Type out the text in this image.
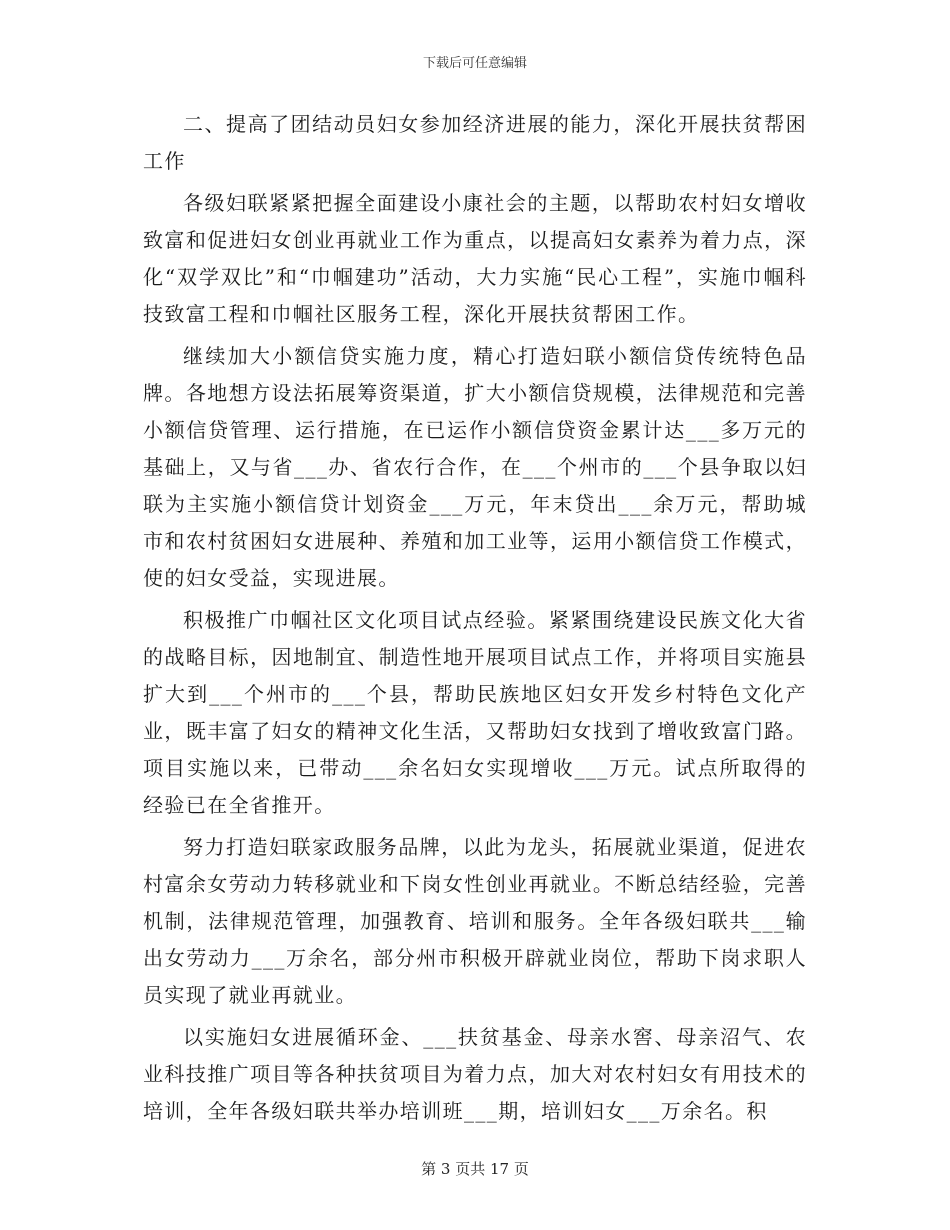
下载后可任意编辑

二、提高了团结动员妇女参加经济进展的能力，深化开展扶贫帮困工作

各级妇联紧紧把握全面建设小康社会的主题，以帮助农村妇女增收致富和促进妇女创业再就业工作为重点，以提高妇女素养为着力点，深化“双学双比”和“巾帼建功”活动，大力实施“民心工程”，实施巾帼科技致富工程和巾帼社区服务工程，深化开展扶贫帮困工作。

继续加大小额信贷实施力度，精心打造妇联小额信贷传统特色品牌。各地想方设法拓展筹资渠道，扩大小额信贷规模，法律规范和完善小额信贷管理、运行措施，在已运作小额信贷资金累计达___多万元的基础上，又与省___办、省农行合作，在___个州市的___个县争取以妇联为主实施小额信贷计划资金___万元，年末贷出___余万元，帮助城市和农村贫困妇女进展种、养殖和加工业等，运用小额信贷工作模式，使的妇女受益，实现进展。

积极推广巾帼社区文化项目试点经验。紧紧围绕建设民族文化大省的战略目标，因地制宜、制造性地开展项目试点工作，并将项目实施县扩大到___个州市的___个县，帮助民族地区妇女开发乡村特色文化产业，既丰富了妇女的精神文化生活，又帮助妇女找到了增收致富门路。项目实施以来，已带动___余名妇女实现增收___万元。试点所取得的经验已在全省推开。

努力打造妇联家政服务品牌，以此为龙头，拓展就业渠道，促进农村富余女劳动力转移就业和下岗女性创业再就业。不断总结经验，完善机制，法律规范管理，加强教育、培训和服务。全年各级妇联共___输出女劳动力___万余名，部分州市积极开辟就业岗位，帮助下岗求职人员实现了就业再就业。

以实施妇女进展循环金、___扶贫基金、母亲水窖、母亲沼气、农业科技推广项目等各种扶贫项目为着力点，加大对农村妇女有用技术的培训，全年各级妇联共举办培训班___期，培训妇女___万余名。积

第 3 页共 17 页
